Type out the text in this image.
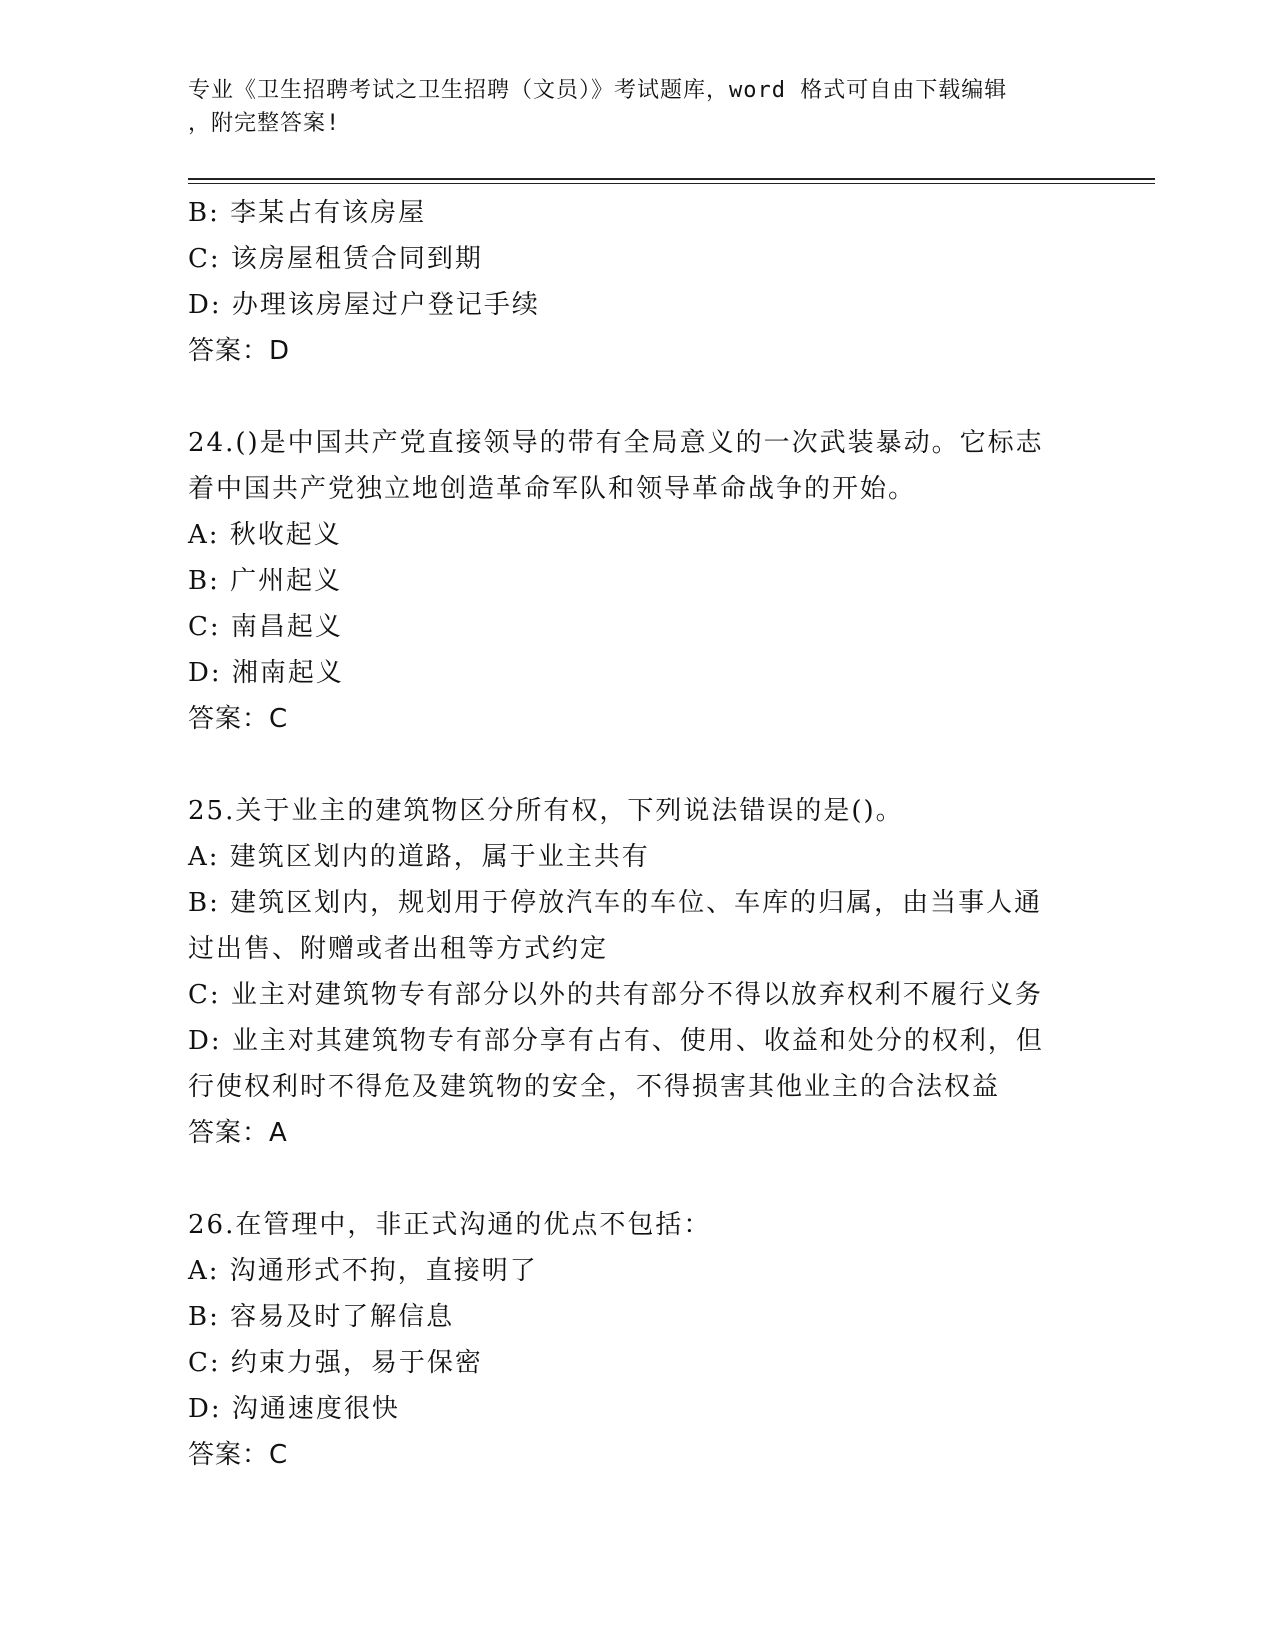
专业《卫生招聘考试之卫生招聘（文员）》考试题库，word 格式可自由下载编辑
，附完整答案!
B: 李某占有该房屋
C: 该房屋租赁合同到期
D: 办理该房屋过户登记手续
答案：D
24.()是中国共产党直接领导的带有全局意义的一次武装暴动。它标志
着中国共产党独立地创造革命军队和领导革命战争的开始。
A: 秋收起义
B: 广州起义
C: 南昌起义
D: 湘南起义
答案：C
25.关于业主的建筑物区分所有权，下列说法错误的是()。
A: 建筑区划内的道路，属于业主共有
B: 建筑区划内，规划用于停放汽车的车位、车库的归属，由当事人通
过出售、附赠或者出租等方式约定
C: 业主对建筑物专有部分以外的共有部分不得以放弃权利不履行义务
D: 业主对其建筑物专有部分享有占有、使用、收益和处分的权利，但
行使权利时不得危及建筑物的安全，不得损害其他业主的合法权益
答案：A
26.在管理中，非正式沟通的优点不包括：
A: 沟通形式不拘，直接明了
B: 容易及时了解信息
C: 约束力强，易于保密
D: 沟通速度很快
答案：C
